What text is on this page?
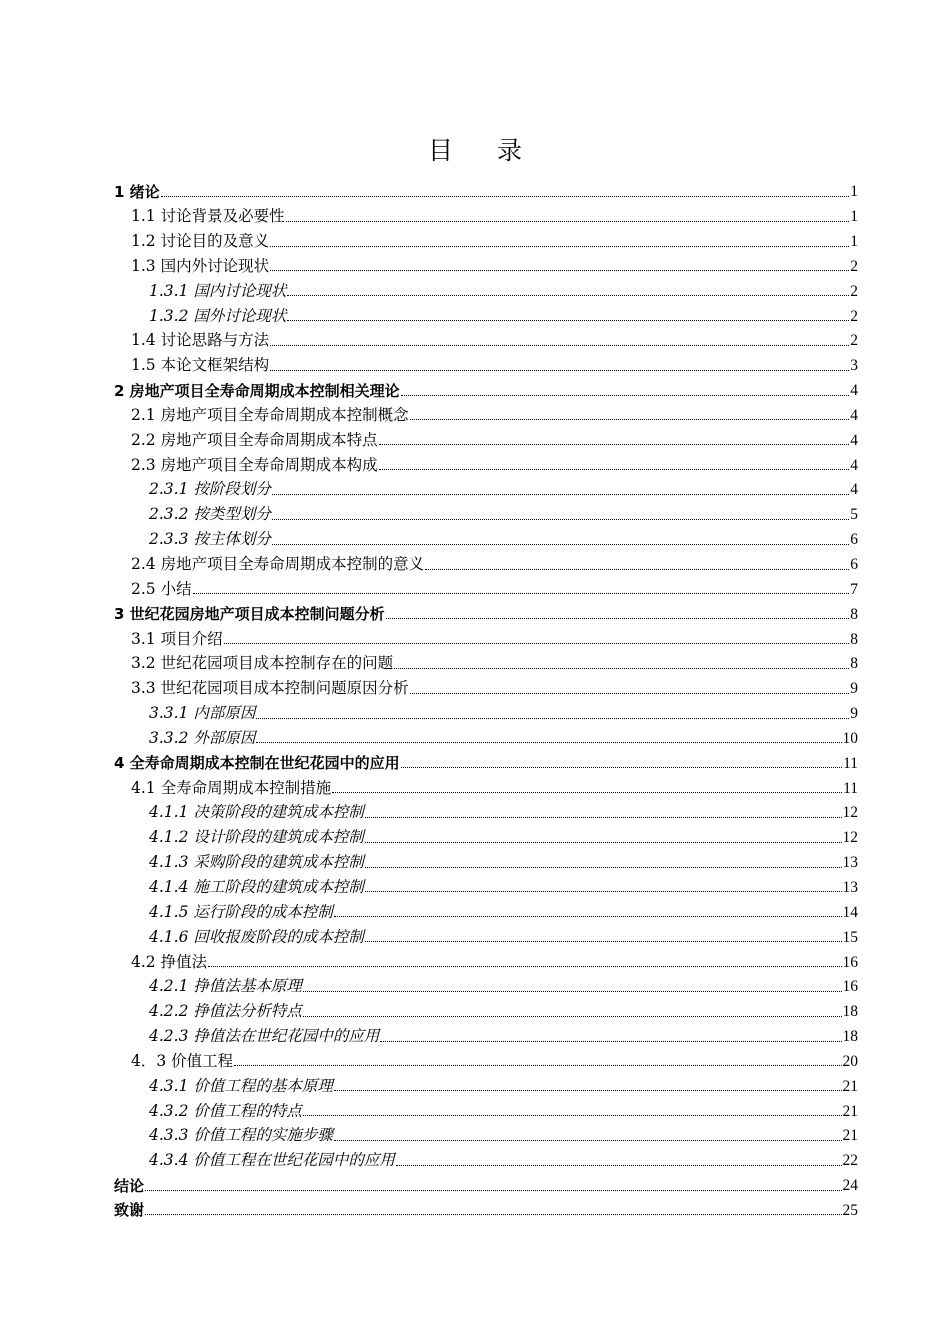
目录
1 绪论	1
1.1 讨论背景及必要性	1
1.2 讨论目的及意义	1
1.3 国内外讨论现状	2
1.3.1 国内讨论现状	2
1.3.2 国外讨论现状	2
1.4 讨论思路与方法	2
1.5 本论文框架结构	3
2 房地产项目全寿命周期成本控制相关理论	4
2.1 房地产项目全寿命周期成本控制概念	4
2.2 房地产项目全寿命周期成本特点	4
2.3 房地产项目全寿命周期成本构成	4
2.3.1 按阶段划分	4
2.3.2 按类型划分	5
2.3.3 按主体划分	6
2.4 房地产项目全寿命周期成本控制的意义	6
2.5 小结	7
3 世纪花园房地产项目成本控制问题分析	8
3.1 项目介绍	8
3.2 世纪花园项目成本控制存在的问题	8
3.3 世纪花园项目成本控制问题原因分析	9
3.3.1 内部原因	9
3.3.2 外部原因	10
4 全寿命周期成本控制在世纪花园中的应用	11
4.1 全寿命周期成本控制措施	11
4.1.1 决策阶段的建筑成本控制	12
4.1.2 设计阶段的建筑成本控制	12
4.1.3 采购阶段的建筑成本控制	13
4.1.4 施工阶段的建筑成本控制	13
4.1.5 运行阶段的成本控制	14
4.1.6 回收报废阶段的成本控制	15
4.2 挣值法	16
4.2.1 挣值法基本原理	16
4.2.2 挣值法分析特点	18
4.2.3 挣值法在世纪花园中的应用	18
4．3 价值工程	20
4.3.1 价值工程的基本原理	21
4.3.2 价值工程的特点	21
4.3.3 价值工程的实施步骤	21
4.3.4 价值工程在世纪花园中的应用	22
结论	24
致谢	25
